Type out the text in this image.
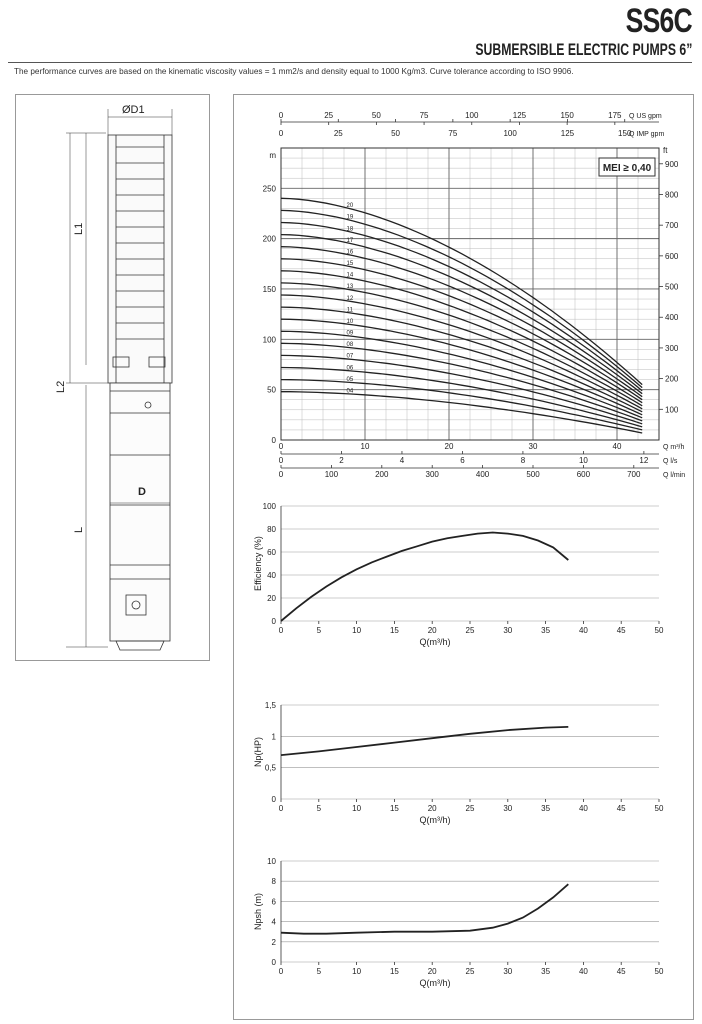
SS6C
SUBMERSIBLE ELECTRIC PUMPS 6”
The performance curves are based on the kinematic viscosity values = 1 mm2/s and density equal to 1000 Kg/m3. Curve tolerance according to ISO 9906.
ØD1
L1
L2
L
D
0
50
100
150
200
250
m
100
200
300
400
500
600
700
800
900
ft
0	10	20	30	40	Q m³/h
0	2	4	6	8	10	12 Q l/s
0	100	200	300	400	500	600	700	Q l/min
0	25	50	75	100	125	150	175 Q US gpm
0	25	50	75	100	125	150
Q IMP gpm
MEI ≥ 0,40
20
19
18
17
16
15
14
13
12
11
10
09
08
07
06
05
04
0
20
40
60
80
100
0	5	10	15	20	25	30	35	40	45	50
Q(m³/h)
Efficiency (%)
0
0,5
1
1,5
0	5	10	15	20	25	30	35	40	45	50
Q(m³/h)
Np(HP)
0
2
4
6
8
10
0	5	10	15	20	25	30	35	40	45	50
Q(m³/h)
Npsh (m)
